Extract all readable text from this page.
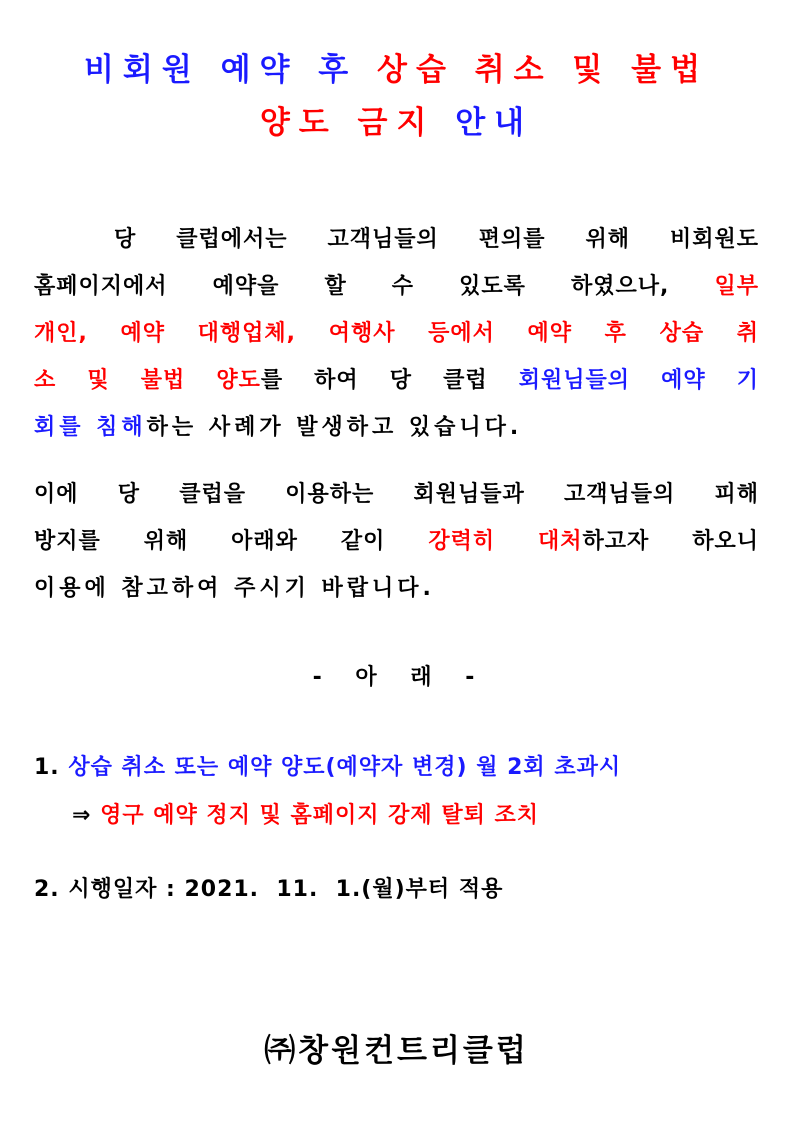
비회원 예약 후 상습 취소 및 불법
양도 금지 안내
당 클럽에서는 고객님들의 편의를 위해 비회원도
홈페이지에서 예약을 할 수 있도록 하였으나, 일부
개인, 예약 대행업체, 여행사 등에서 예약 후 상습 취
소 및 불법 양도를 하여 당 클럽 회원님들의 예약 기
회를 침해하는 사례가 발생하고 있습니다.
이에 당 클럽을 이용하는 회원님들과 고객님들의 피해
방지를 위해 아래와 같이 강력히 대처하고자 하오니
이용에 참고하여 주시기 바랍니다.
- 아 래 -
1. 상습 취소 또는 예약 양도(예약자 변경) 월 2회 초과시
⇒ 영구 예약 정지 및 홈페이지 강제 탈퇴 조치
2. 시행일자 : 2021.  11.  1.(월)부터 적용
㈜창원컨트리클럽
